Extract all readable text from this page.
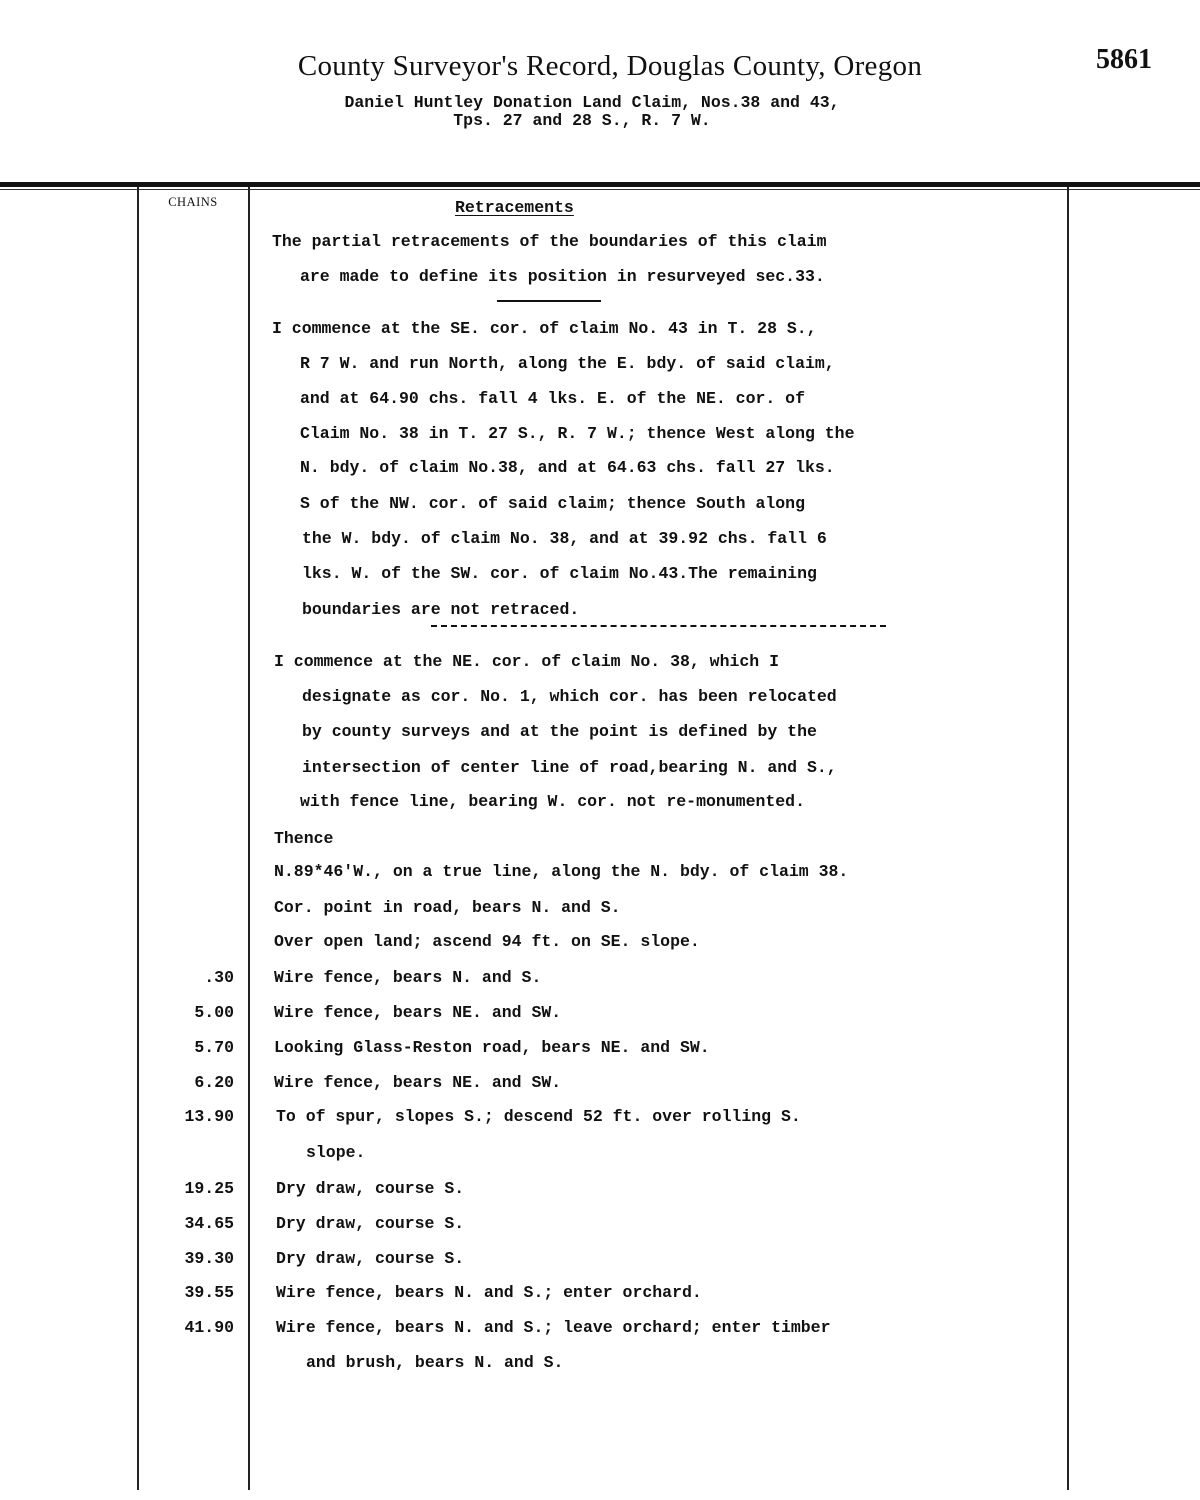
County Surveyor's Record, Douglas County, Oregon	5861
Daniel Huntley Donation Land Claim, Nos.38 and 43,
Tps. 27 and 28 S., R. 7 W.
CHAINS	Retracements
The partial retracements of the boundaries of this claim
are made to define its position in resurveyed sec.33.
I commence at the SE. cor. of claim No. 43 in T. 28 S.,
R 7 W. and run North, along the E. bdy. of said claim,
and at 64.90 chs. fall 4 lks. E. of the NE. cor. of
Claim No. 38 in T. 27 S., R. 7 W.; thence West along the
N. bdy. of claim No.38, and at 64.63 chs. fall 27 lks.
S of the NW. cor. of said claim; thence South along
the W. bdy. of claim No. 38, and at 39.92 chs. fall 6
lks. W. of the SW. cor. of claim No.43.The remaining
boundaries are not retraced.
I commence at the NE. cor. of claim No. 38, which I
designate as cor. No. 1, which cor. has been relocated
by county surveys and at the point is defined by the
intersection of center line of road,bearing N. and S.,
with fence line, bearing W. cor. not re-monumented.
Thence
N.89*46'W., on a true line, along the N. bdy. of claim 38.
Cor. point in road, bears N. and S.
Over open land; ascend 94 ft. on SE. slope.
.30 Wire fence, bears N. and S.
5.00 Wire fence, bears NE. and SW.
5.70 Looking Glass-Reston road, bears NE. and SW.
6.20 Wire fence, bears NE. and SW.
13.90	To of spur, slopes S.; descend 52 ft. over rolling S.
slope.
19.25	Dry draw, course S.
34.65	Dry draw, course S.
39.30	Dry draw, course S.
39.55	Wire fence, bears N. and S.; enter orchard.
41.90	Wire fence, bears N. and S.; leave orchard; enter timber
and brush, bears N. and S.
